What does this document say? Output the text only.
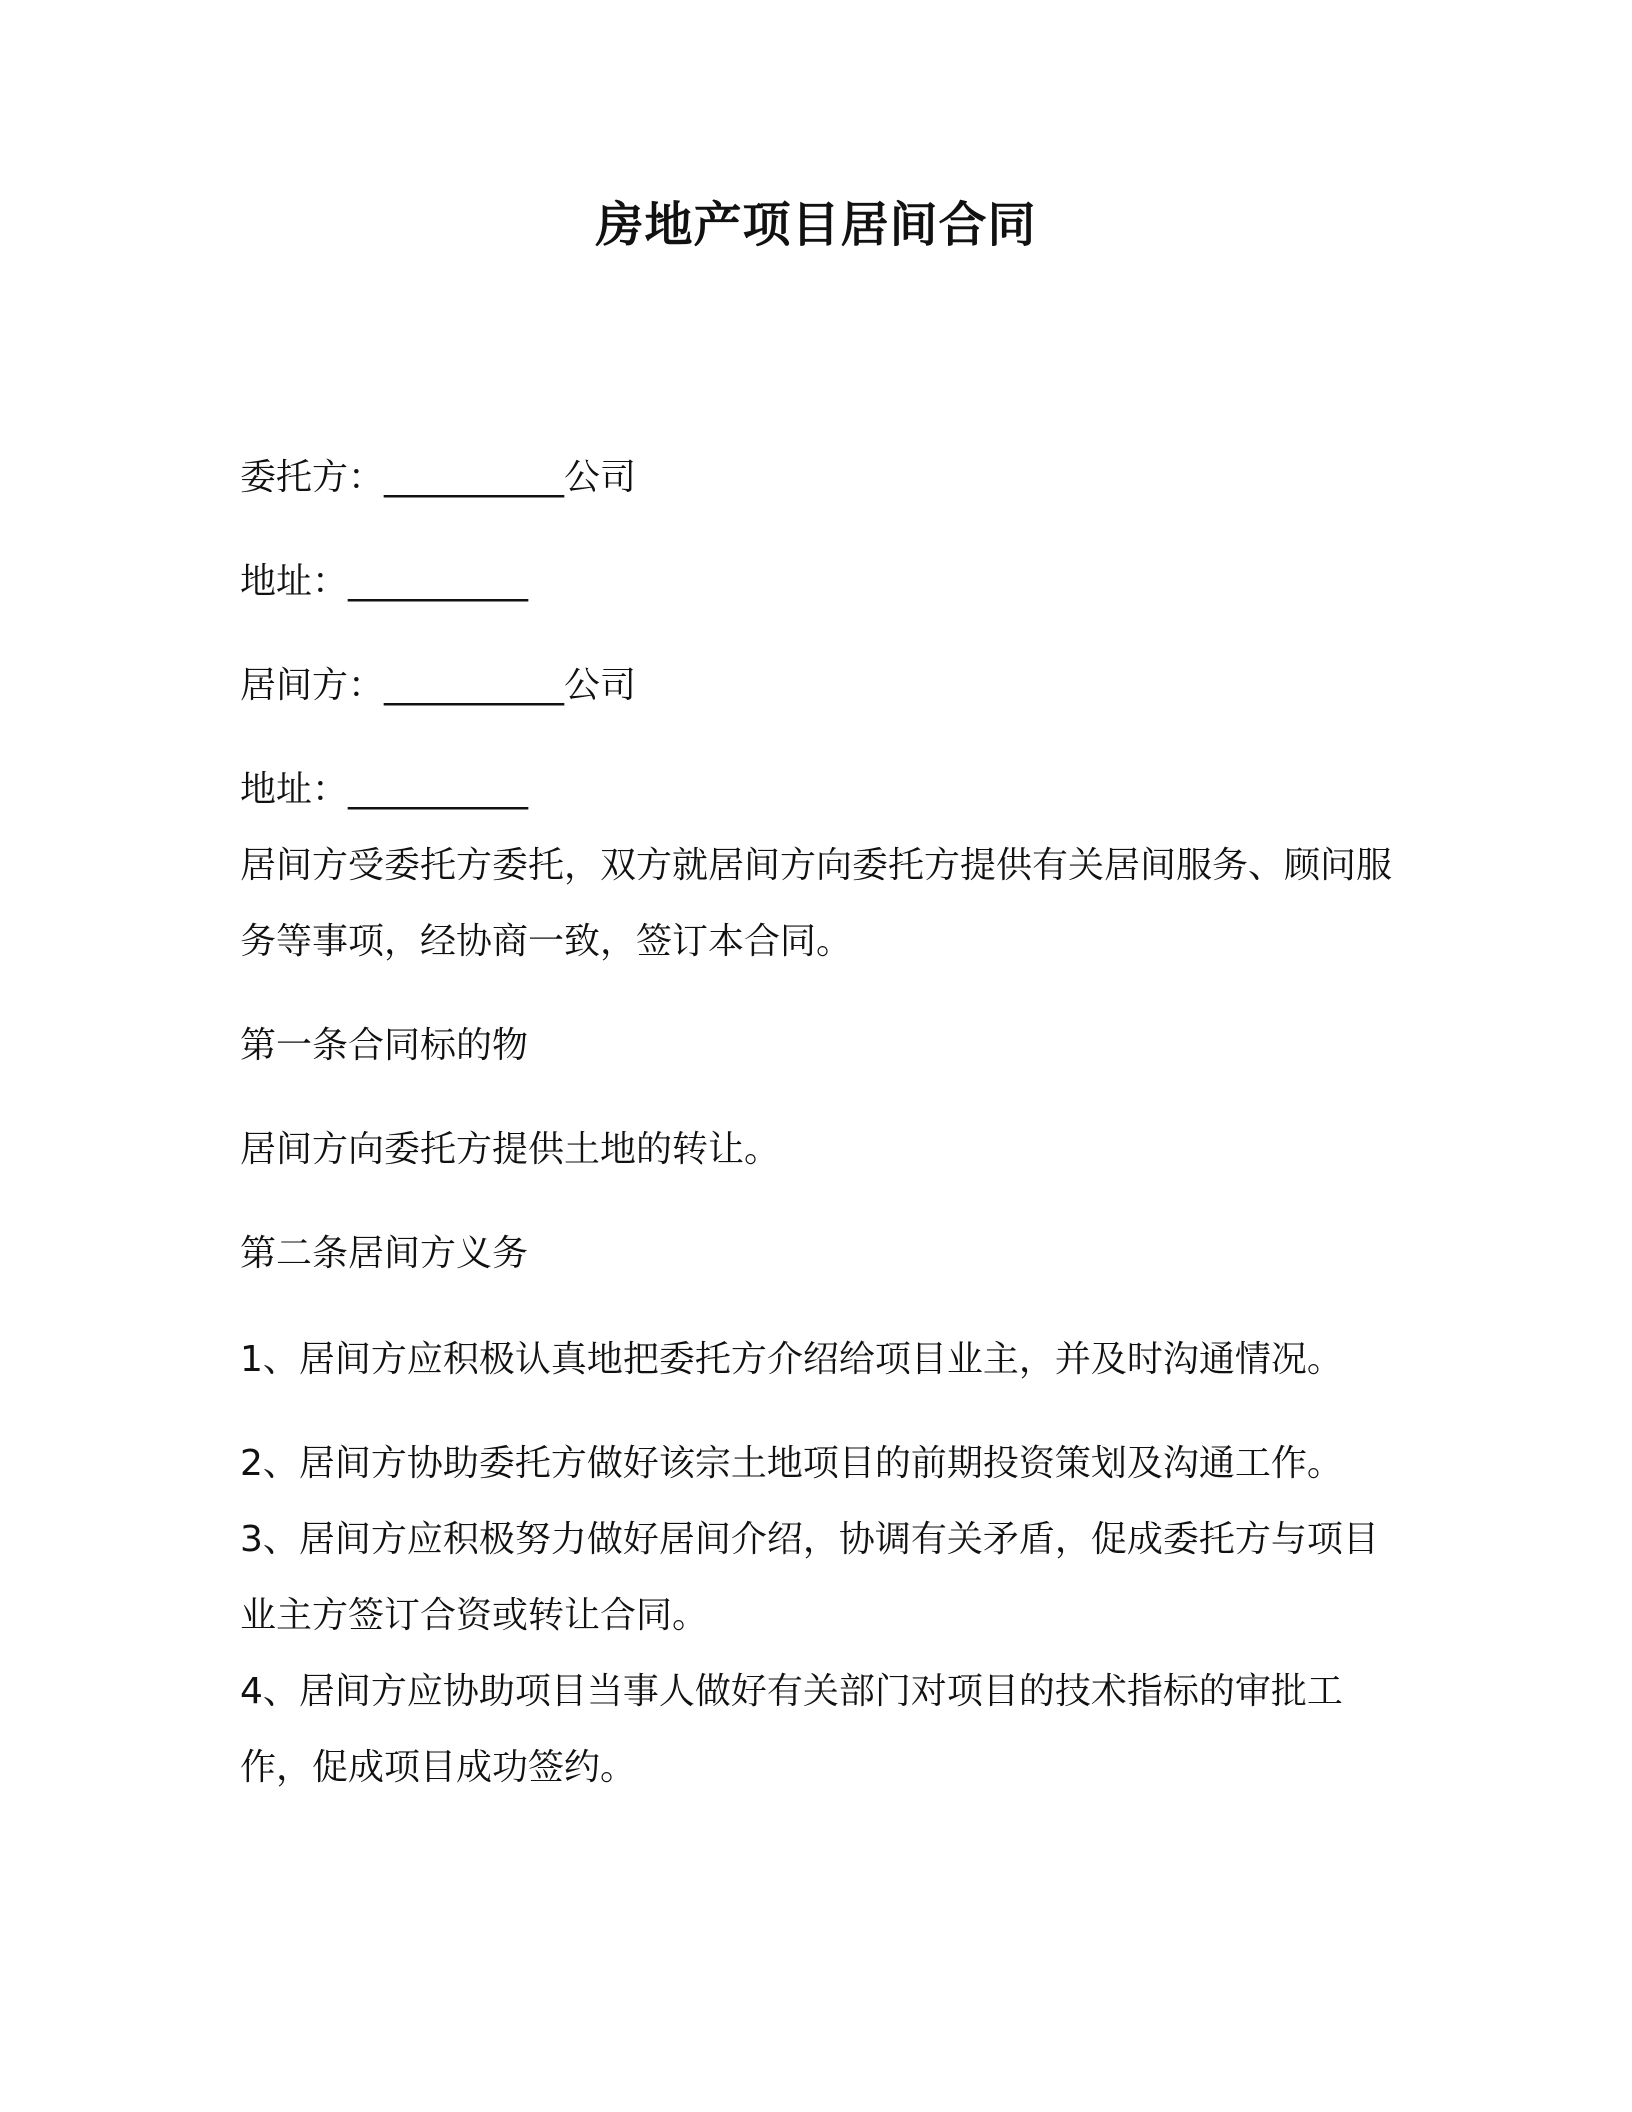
房地产项目居间合同

委托方：__________公司

地址：__________

居间方：__________公司

地址：__________

居间方受委托方委托，双方就居间方向委托方提供有关居间服务、顾问服务等事项，经协商一致，签订本合同。

第一条合同标的物

居间方向委托方提供土地的转让。

第二条居间方义务

1、居间方应积极认真地把委托方介绍给项目业主，并及时沟通情况。

2、居间方协助委托方做好该宗土地项目的前期投资策划及沟通工作。

3、居间方应积极努力做好居间介绍，协调有关矛盾，促成委托方与项目业主方签订合资或转让合同。

4、居间方应协助项目当事人做好有关部门对项目的技术指标的审批工作，促成项目成功签约。
